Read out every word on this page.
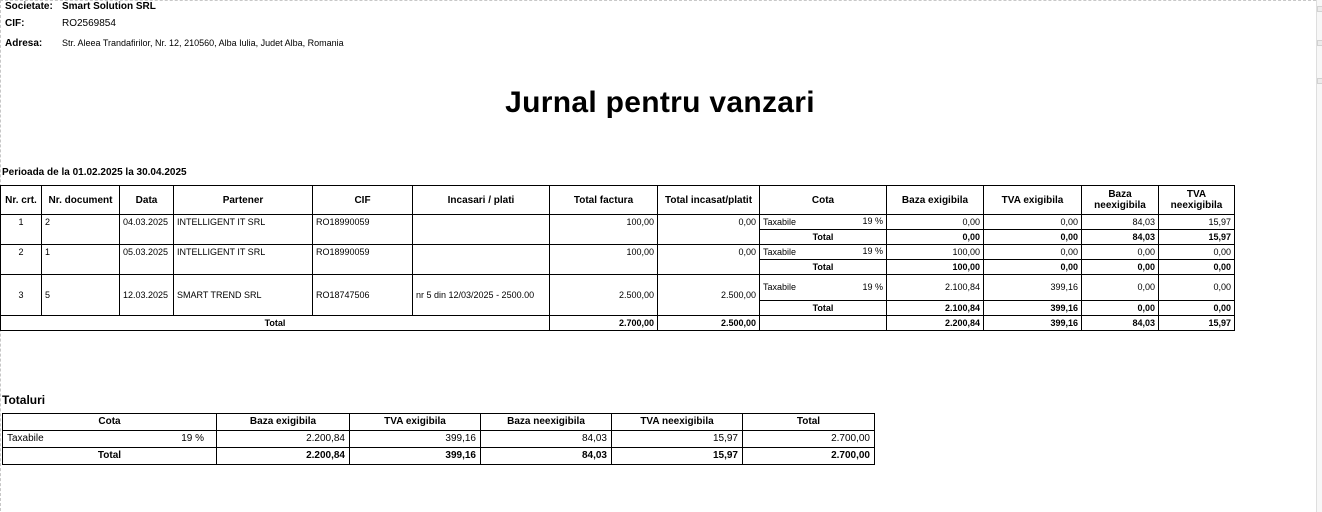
Societate: Smart Solution SRL
CIF:	RO2569854
Adresa: Str. Aleea Trandafirilor, Nr. 12, 210560, Alba Iulia, Judet Alba, Romania
Jurnal pentru vanzari
Perioada de la 01.02.2025 la 30.04.2025
Nr. crt.	Nr. document	Data	Partener	CIF	Incasari / plati	Total factura	Total incasat/platit	Cota	Baza exigibila	TVA exigibila	Baza neexigibila	TVA neexigibila
1	2	04.03.2025	INTELLIGENT IT SRL	RO18990059		100,00	0,00	Taxabile 19 %	0,00	0,00	84,03	15,97
								Total	0,00	0,00	84,03	15,97
2	1	05.03.2025	INTELLIGENT IT SRL	RO18990059		100,00	0,00	Taxabile 19 %	100,00	0,00	0,00	0,00
								Total	100,00	0,00	0,00	0,00
3	5	12.03.2025	SMART TREND SRL	RO18747506	nr 5 din 12/03/2025 - 2500.00	2.500,00	2.500,00	Taxabile 19 %	2.100,84	399,16	0,00	0,00
								Total	2.100,84	399,16	0,00	0,00
Total						2.700,00	2.500,00		2.200,84	399,16	84,03	15,97
Totaluri
Cota	Baza exigibila	TVA exigibila	Baza neexigibila	TVA neexigibila	Total
Taxabile 19 %	2.200,84	399,16	84,03	15,97	2.700,00
Total	2.200,84	399,16	84,03	15,97	2.700,00
